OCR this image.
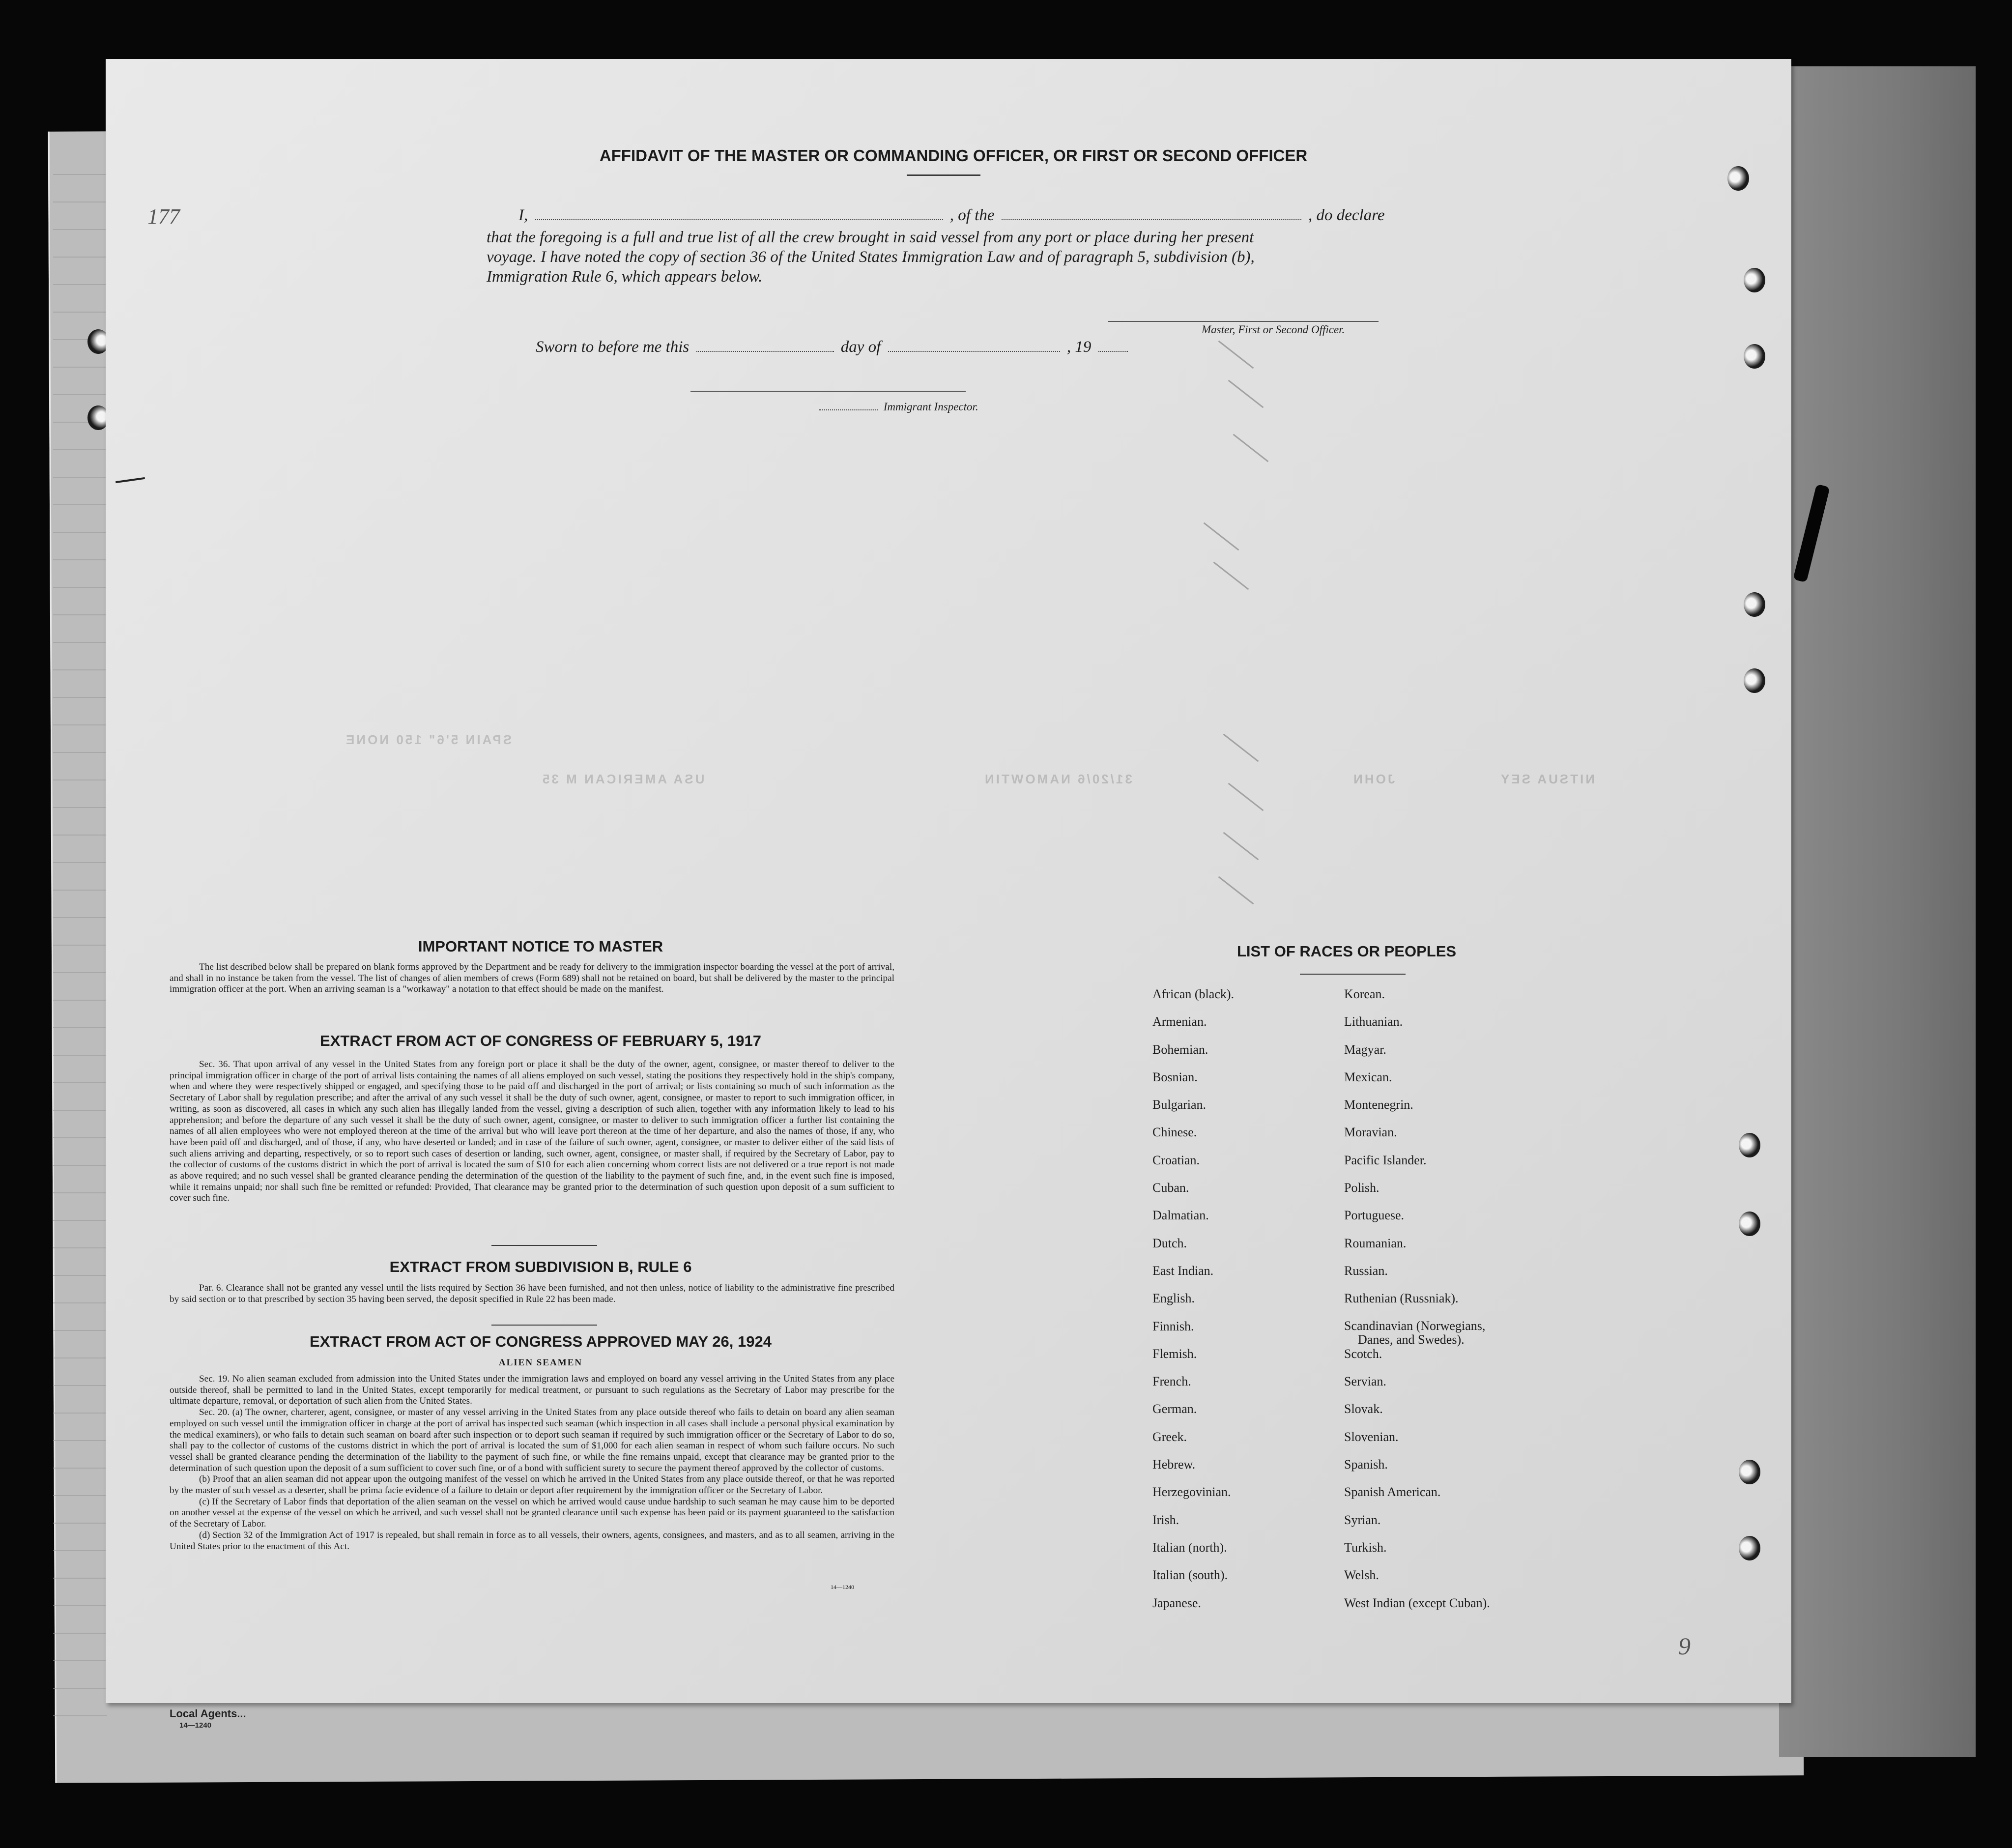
Local Agents...
14—1240
SPAIN 5'6" 150 NONE
USA AMERICAN M 35	31/20/6 NAMOWTIN	JOHN	NITSUA SEY
177
9
AFFIDAVIT OF THE MASTER OR COMMANDING OFFICER, OR FIRST OR SECOND OFFICER
I,	, of the	, do declare
that the foregoing is a full and true list of all the crew brought in said vessel from any port or place during her present
voyage. I have noted the copy of section 36 of the United States Immigration Law and of paragraph 5, subdivision (b),
Immigration Rule 6, which appears below.
Master, First or Second Officer.
Sworn to before me this	day of	, 19
Immigrant Inspector.
IMPORTANT NOTICE TO MASTER

The list described below shall be prepared on blank forms approved by the Department and be ready for delivery to the immigration inspector boarding the vessel at the port of arrival, and shall in no instance be taken from the vessel. The list of changes of alien members of crews (Form 689) shall not be retained on board, but shall be delivered by the master to the principal immigration officer at the port. When an arriving seaman is a "workaway" a notation to that effect should be made on the manifest.

EXTRACT FROM ACT OF CONGRESS OF FEBRUARY 5, 1917

Sec. 36. That upon arrival of any vessel in the United States from any foreign port or place it shall be the duty of the owner, agent, consignee, or master thereof to deliver to the principal immigration officer in charge of the port of arrival lists containing the names of all aliens employed on such vessel, stating the positions they respectively hold in the ship's company, when and where they were respectively shipped or engaged, and specifying those to be paid off and discharged in the port of arrival; or lists containing so much of such information as the Secretary of Labor shall by regulation prescribe; and after the arrival of any such vessel it shall be the duty of such owner, agent, consignee, or master to report to such immigration officer, in writing, as soon as discovered, all cases in which any such alien has illegally landed from the vessel, giving a description of such alien, together with any information likely to lead to his apprehension; and before the departure of any such vessel it shall be the duty of such owner, agent, consignee, or master to deliver to such immigration officer a further list containing the names of all alien employees who were not employed thereon at the time of the arrival but who will leave port thereon at the time of her departure, and also the names of those, if any, who have been paid off and discharged, and of those, if any, who have deserted or landed; and in case of the failure of such owner, agent, consignee, or master to deliver either of the said lists of such aliens arriving and departing, respectively, or so to report such cases of desertion or landing, such owner, agent, consignee, or master shall, if required by the Secretary of Labor, pay to the collector of customs of the customs district in which the port of arrival is located the sum of $10 for each alien concerning whom correct lists are not delivered or a true report is not made as above required; and no such vessel shall be granted clearance pending the determination of the question of the liability to the payment of such fine, and, in the event such fine is imposed, while it remains unpaid; nor shall such fine be remitted or refunded: Provided, That clearance may be granted prior to the determination of such question upon deposit of a sum sufficient to cover such fine.

EXTRACT FROM SUBDIVISION B, RULE 6

Par. 6. Clearance shall not be granted any vessel until the lists required by Section 36 have been furnished, and not then unless, notice of liability to the administrative fine prescribed by said section or to that prescribed by section 35 having been served, the deposit specified in Rule 22 has been made.

EXTRACT FROM ACT OF CONGRESS APPROVED MAY 26, 1924

ALIEN SEAMEN

Sec. 19. No alien seaman excluded from admission into the United States under the immigration laws and employed on board any vessel arriving in the United States from any place outside thereof, shall be permitted to land in the United States, except temporarily for medical treatment, or pursuant to such regulations as the Secretary of Labor may prescribe for the ultimate departure, removal, or deportation of such alien from the United States.

Sec. 20. (a) The owner, charterer, agent, consignee, or master of any vessel arriving in the United States from any place outside thereof who fails to detain on board any alien seaman employed on such vessel until the immigration officer in charge at the port of arrival has inspected such seaman (which inspection in all cases shall include a personal physical examination by the medical examiners), or who fails to detain such seaman on board after such inspection or to deport such seaman if required by such immigration officer or the Secretary of Labor to do so, shall pay to the collector of customs of the customs district in which the port of arrival is located the sum of $1,000 for each alien seaman in respect of whom such failure occurs. No such vessel shall be granted clearance pending the determination of the liability to the payment of such fine, or while the fine remains unpaid, except that clearance may be granted prior to the determination of such question upon the deposit of a sum sufficient to cover such fine, or of a bond with sufficient surety to secure the payment thereof approved by the collector of customs.

(b) Proof that an alien seaman did not appear upon the outgoing manifest of the vessel on which he arrived in the United States from any place outside thereof, or that he was reported by the master of such vessel as a deserter, shall be prima facie evidence of a failure to detain or deport after requirement by the immigration officer or the Secretary of Labor.

(c) If the Secretary of Labor finds that deportation of the alien seaman on the vessel on which he arrived would cause undue hardship to such seaman he may cause him to be deported on another vessel at the expense of the vessel on which he arrived, and such vessel shall not be granted clearance until such expense has been paid or its payment guaranteed to the satisfaction of the Secretary of Labor.

(d) Section 32 of the Immigration Act of 1917 is repealed, but shall remain in force as to all vessels, their owners, agents, consignees, and masters, and as to all seamen, arriving in the United States prior to the enactment of this Act.

14—1240
LIST OF RACES OR PEOPLES
African (black).
Armenian.
Bohemian.
Bosnian.
Bulgarian.
Chinese.
Croatian.
Cuban.
Dalmatian.
Dutch.
East Indian.
English.
Finnish.
Flemish.
French.
German.
Greek.
Hebrew.
Herzegovinian.
Irish.
Italian (north).
Italian (south).
Japanese.
Korean.
Lithuanian.
Magyar.
Mexican.
Montenegrin.
Moravian.
Pacific Islander.
Polish.
Portuguese.
Roumanian.
Russian.
Ruthenian (Russniak).
Scandinavian (Norwegians,
Danes, and Swedes).
Scotch.
Servian.
Slovak.
Slovenian.
Spanish.
Spanish American.
Syrian.
Turkish.
Welsh.
West Indian (except Cuban).
